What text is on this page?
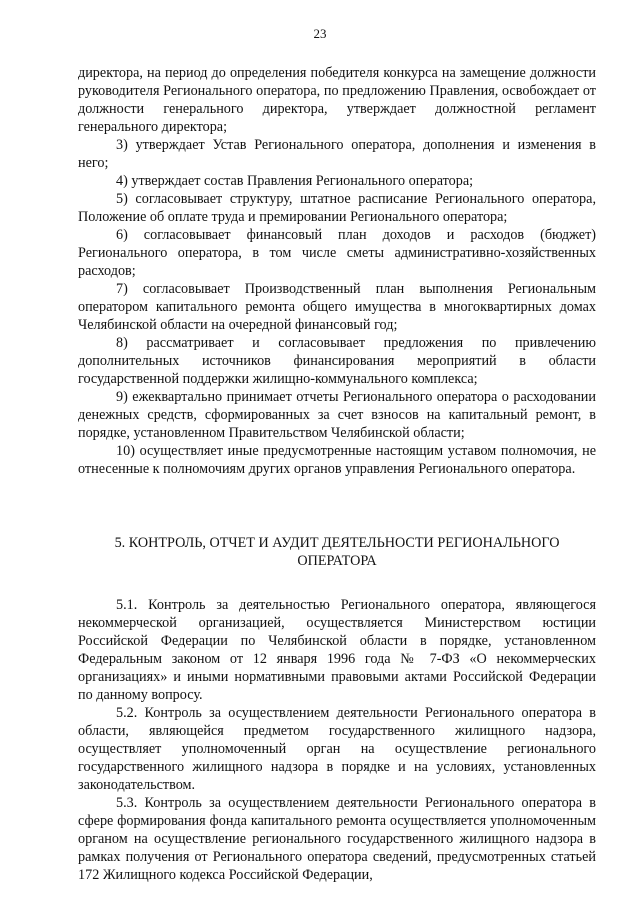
23

директора, на период до определения победителя конкурса на замещение должности руководителя Регионального оператора, по предложению Правления, освобождает от должности генерального директора, утверждает должностной регламент генерального директора;

3) утверждает Устав Регионального оператора, дополнения и изменения в него;

4) утверждает состав Правления Регионального оператора;

5) согласовывает структуру, штатное расписание Регионального оператора, Положение об оплате труда и премировании Регионального оператора;

6) согласовывает финансовый план доходов и расходов (бюджет) Регионального оператора, в том числе сметы административно-хозяйственных расходов;

7) согласовывает Производственный план выполнения Региональным оператором капитального ремонта общего имущества в многоквартирных домах Челябинской области на очередной финансовый год;

8) рассматривает и согласовывает предложения по привлечению дополнительных источников финансирования мероприятий в области государственной поддержки жилищно-коммунального комплекса;

9) ежеквартально принимает отчеты Регионального оператора о расходовании денежных средств, сформированных за счет взносов на капитальный ремонт, в порядке, установленном Правительством Челябинской области;

10) осуществляет иные предусмотренные настоящим уставом полномочия, не отнесенные к полномочиям других органов управления Регионального оператора.

5. КОНТРОЛЬ, ОТЧЕТ И АУДИТ ДЕЯТЕЛЬНОСТИ РЕГИОНАЛЬНОГО
ОПЕРАТОРА

5.1. Контроль за деятельностью Регионального оператора, являющегося некоммерческой организацией, осуществляется Министерством юстиции Российской Федерации по Челябинской области в порядке, установленном Федеральным законом от 12 января 1996 года № 7-ФЗ «О некоммерческих организациях» и иными нормативными правовыми актами Российской Федерации по данному вопросу.

5.2. Контроль за осуществлением деятельности Регионального оператора в области, являющейся предметом государственного жилищного надзора, осуществляет уполномоченный орган на осуществление регионального государственного жилищного надзора в порядке и на условиях, установленных законодательством.

5.3. Контроль за осуществлением деятельности Регионального оператора в сфере формирования фонда капитального ремонта осуществляется уполномоченным органом на осуществление регионального государственного жилищного надзора в рамках получения от Регионального оператора сведений, предусмотренных статьей 172 Жилищного кодекса Российской Федерации,
